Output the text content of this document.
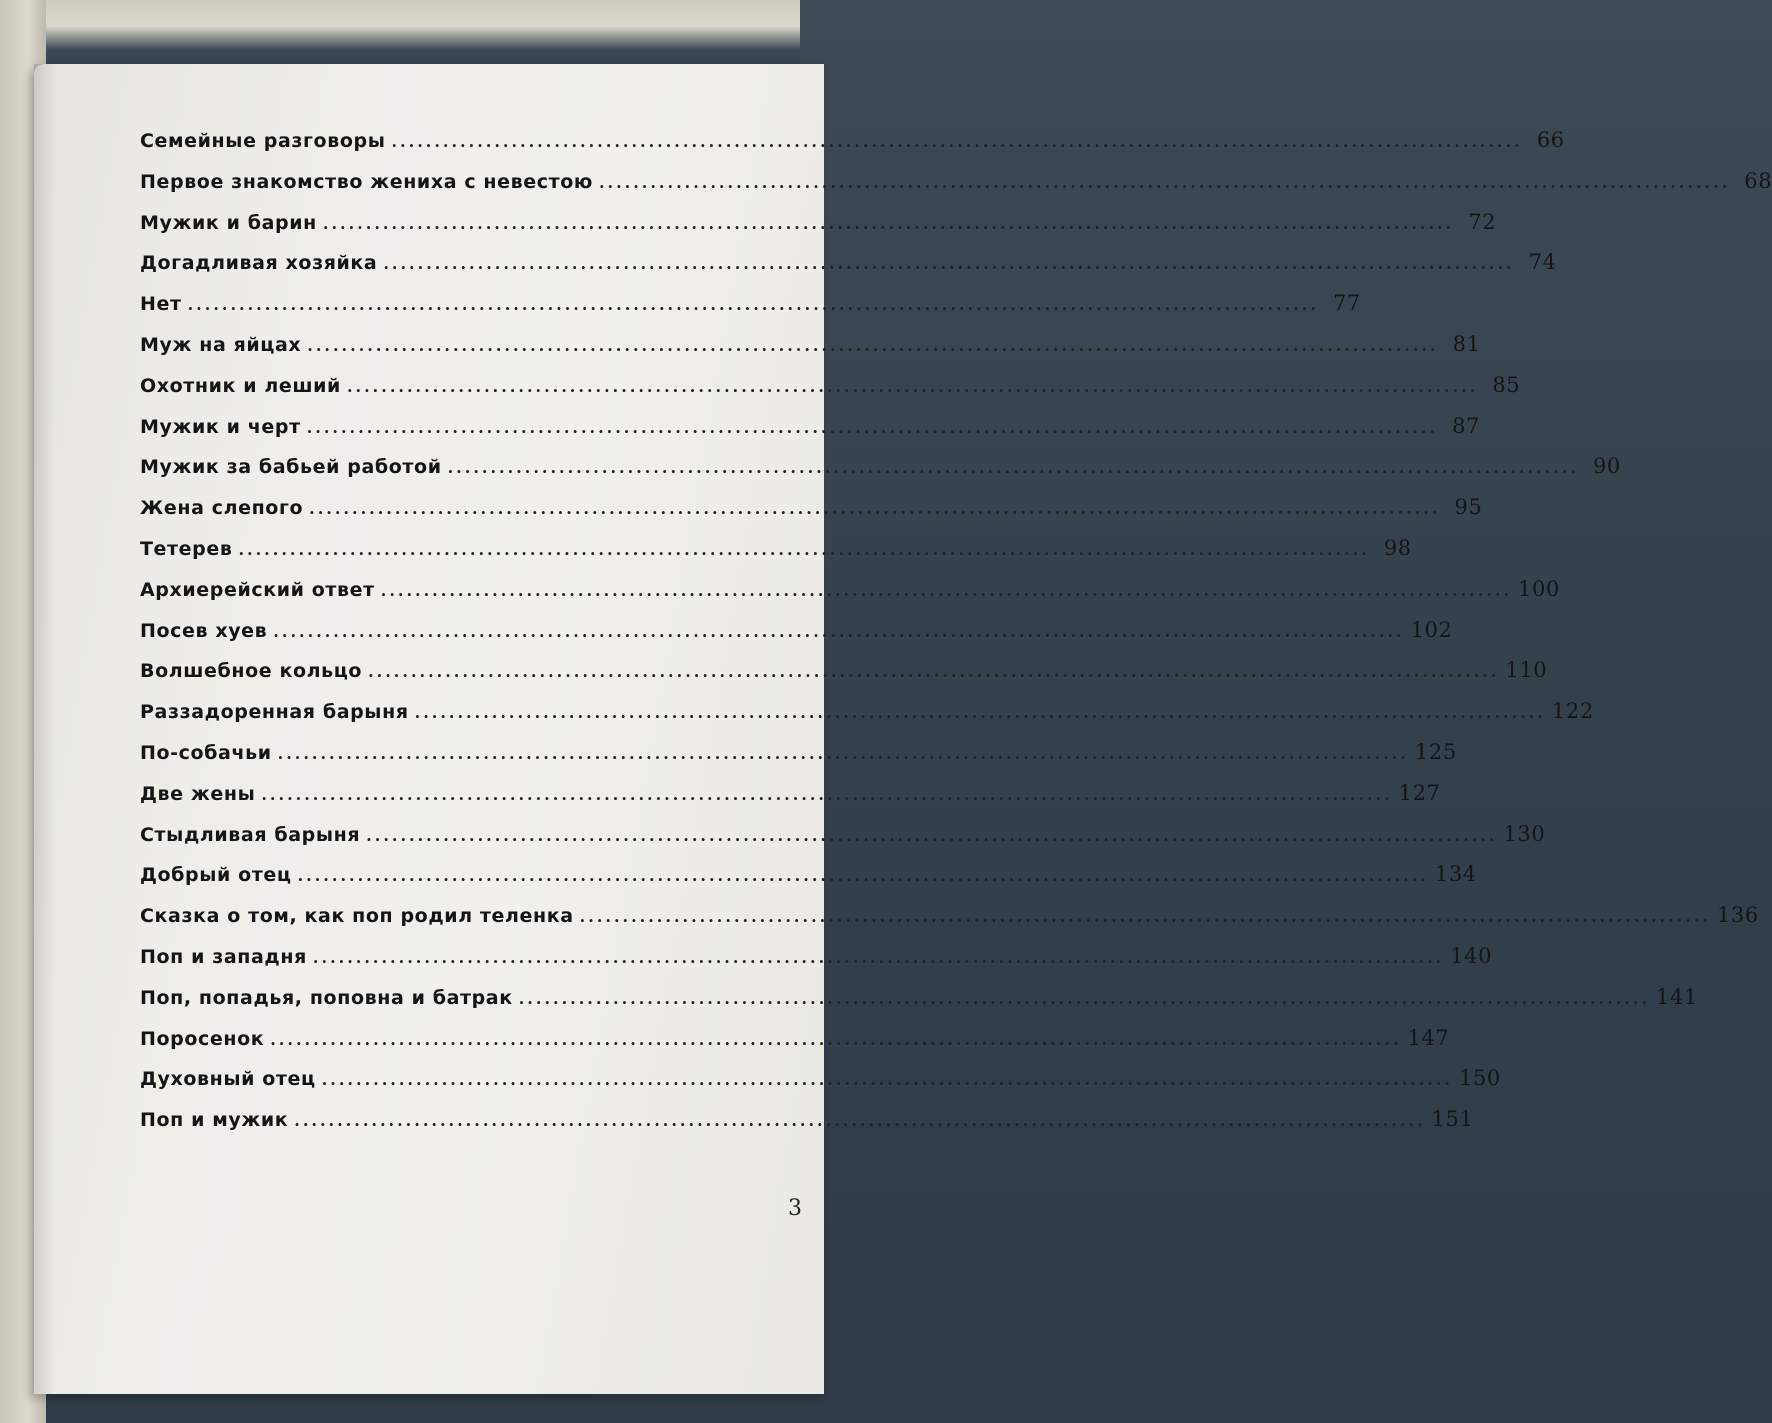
Семейные разговоры .....	66
Первое знакомство жениха с невестою .....	68
Мужик и барин .....	72
Догадливая хозяйка .....	74
Нет .....	77
Муж на яйцах .....	81
Охотник и леший .....	85
Мужик и черт .....	87
Мужик за бабьей работой .....	90
Жена слепого .....	95
Тетерев .....	98
Архиерейский ответ .....	100
Посев хуев .....	102
Волшебное кольцо .....	110
Раззадоренная барыня .....	122
По-собачьи .....	125
Две жены .....	127
Стыдливая барыня .....	130
Добрый отец .....	134
Сказка о том, как поп родил теленка .....	136
Поп и западня .....	140
Поп, попадья, поповна и батрак .....	141
Поросенок .....	147
Духовный отец .....	150
Поп и мужик .....	151
3
